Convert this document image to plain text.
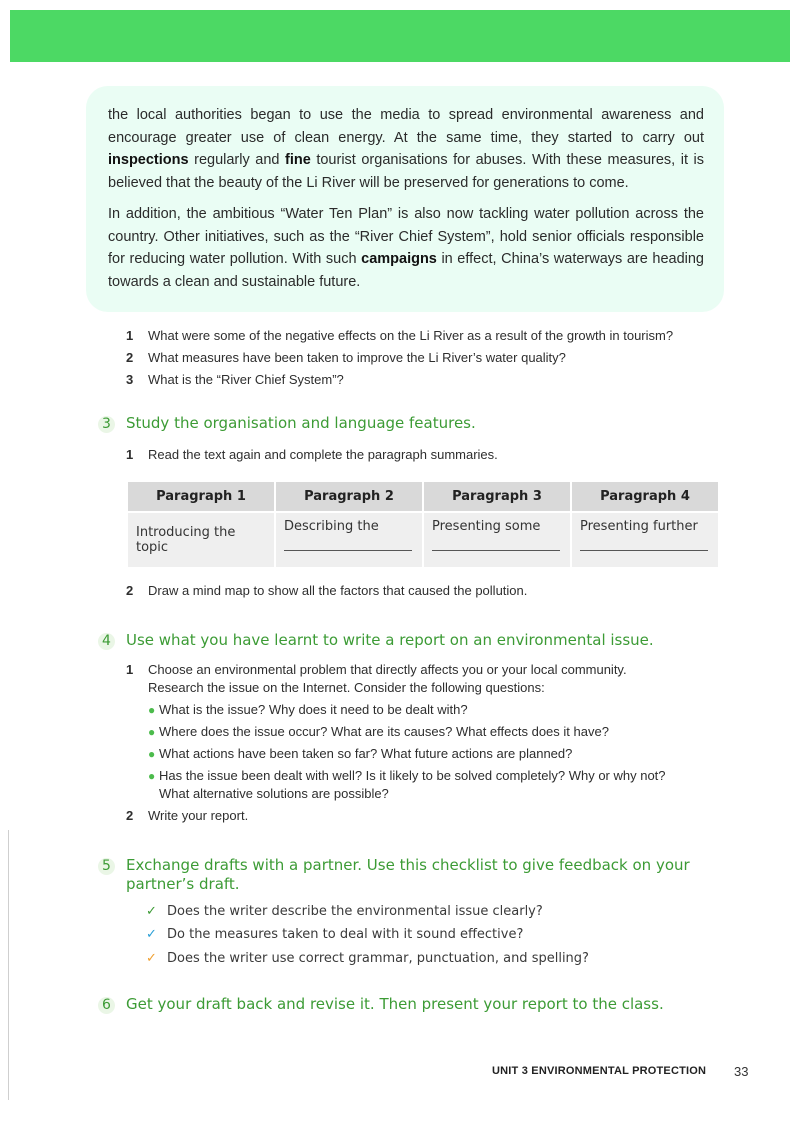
the local authorities began to use the media to spread environmental awareness and encourage greater use of clean energy. At the same time, they started to carry out inspections regularly and fine tourist organisations for abuses. With these measures, it is believed that the beauty of the Li River will be preserved for generations to come.

In addition, the ambitious “Water Ten Plan” is also now tackling water pollution across the country. Other initiatives, such as the “River Chief System”, hold senior officials responsible for reducing water pollution. With such campaigns in effect, China’s waterways are heading towards a clean and sustainable future.

1 What were some of the negative effects on the Li River as a result of the growth in tourism?
2 What measures have been taken to improve the Li River’s water quality?
3 What is the “River Chief System”?
3 Study the organisation and language features.
1 Read the text again and complete the paragraph summaries.
Paragraph 1	Paragraph 2	Paragraph 3	Paragraph 4
Introducing the topic	Describing the	Presenting some	Presenting further
2 Draw a mind map to show all the factors that caused the pollution.
4 Use what you have learnt to write a report on an environmental issue.
1 Choose an environmental problem that directly affects you or your local community.
Research the issue on the Internet. Consider the following questions:
● What is the issue? Why does it need to be dealt with?
● Where does the issue occur? What are its causes? What effects does it have?
● What actions have been taken so far? What future actions are planned?
● Has the issue been dealt with well? Is it likely to be solved completely? Why or why not?
What alternative solutions are possible?
2 Write your report.
5 Exchange drafts with a partner. Use this checklist to give feedback on your
partner’s draft.
✓ Does the writer describe the environmental issue clearly?
✓ Do the measures taken to deal with it sound effective?
✓ Does the writer use correct grammar, punctuation, and spelling?
6 Get your draft back and revise it. Then present your report to the class.
UNIT 3 ENVIRONMENTAL PROTECTION 33
